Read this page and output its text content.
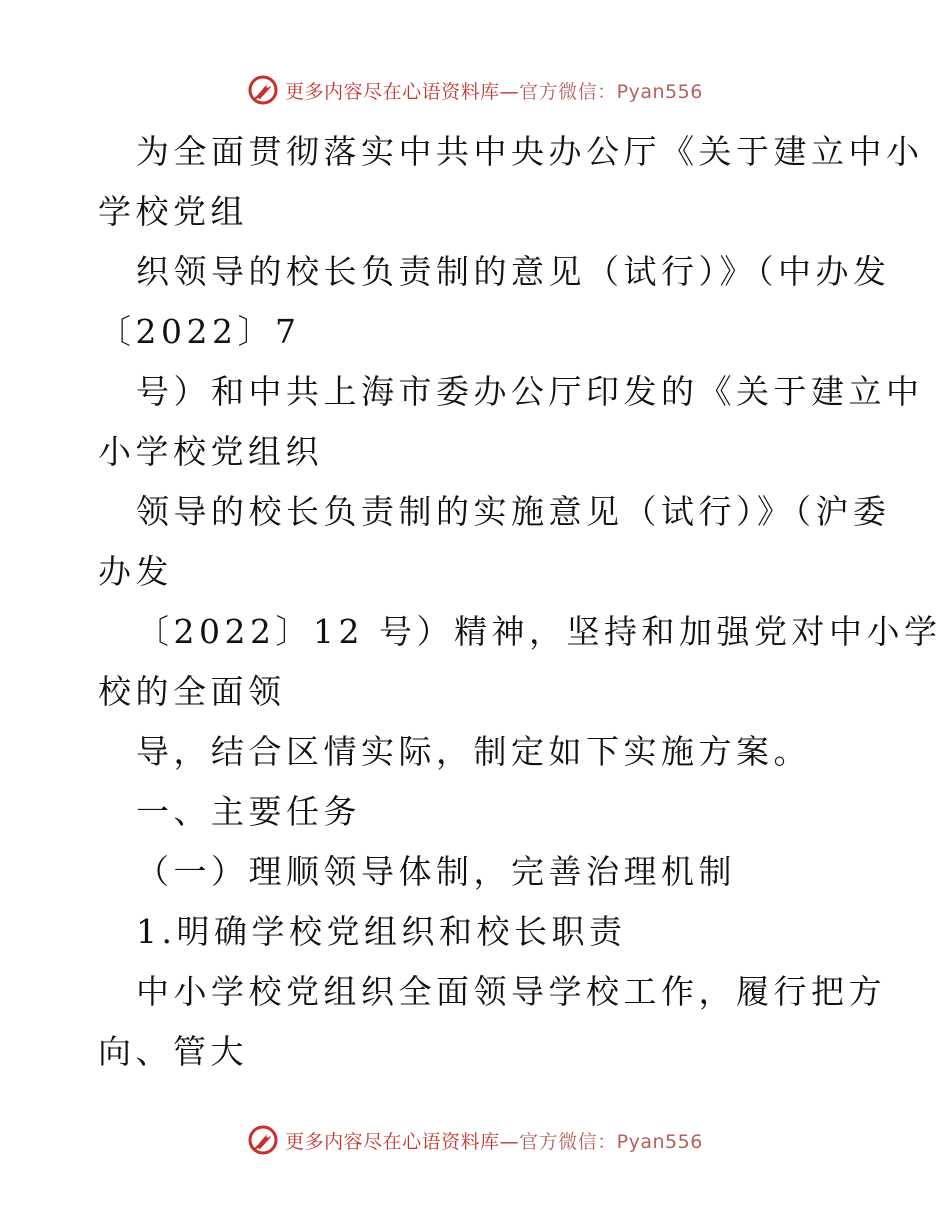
更多内容尽在心语资料库— 官方微信：Pyan556
为全面贯彻落实中共中央办公厅《关于建立中小
学校党组
织领导的校长负责制的意见（试行）》（中办发
〔2022〕7
号）和中共上海市委办公厅印发的《关于建立中
小学校党组织
领导的校长负责制的实施意见（试行）》（沪委
办发
〔2022〕12 号）精神，坚持和加强党对中小学
校的全面领
导，结合区情实际，制定如下实施方案。
一、主要任务
（一）理顺领导体制，完善治理机制
1.明确学校党组织和校长职责
中小学校党组织全面领导学校工作，履行把方
向、管大
更多内容尽在心语资料库— 官方微信：Pyan556
